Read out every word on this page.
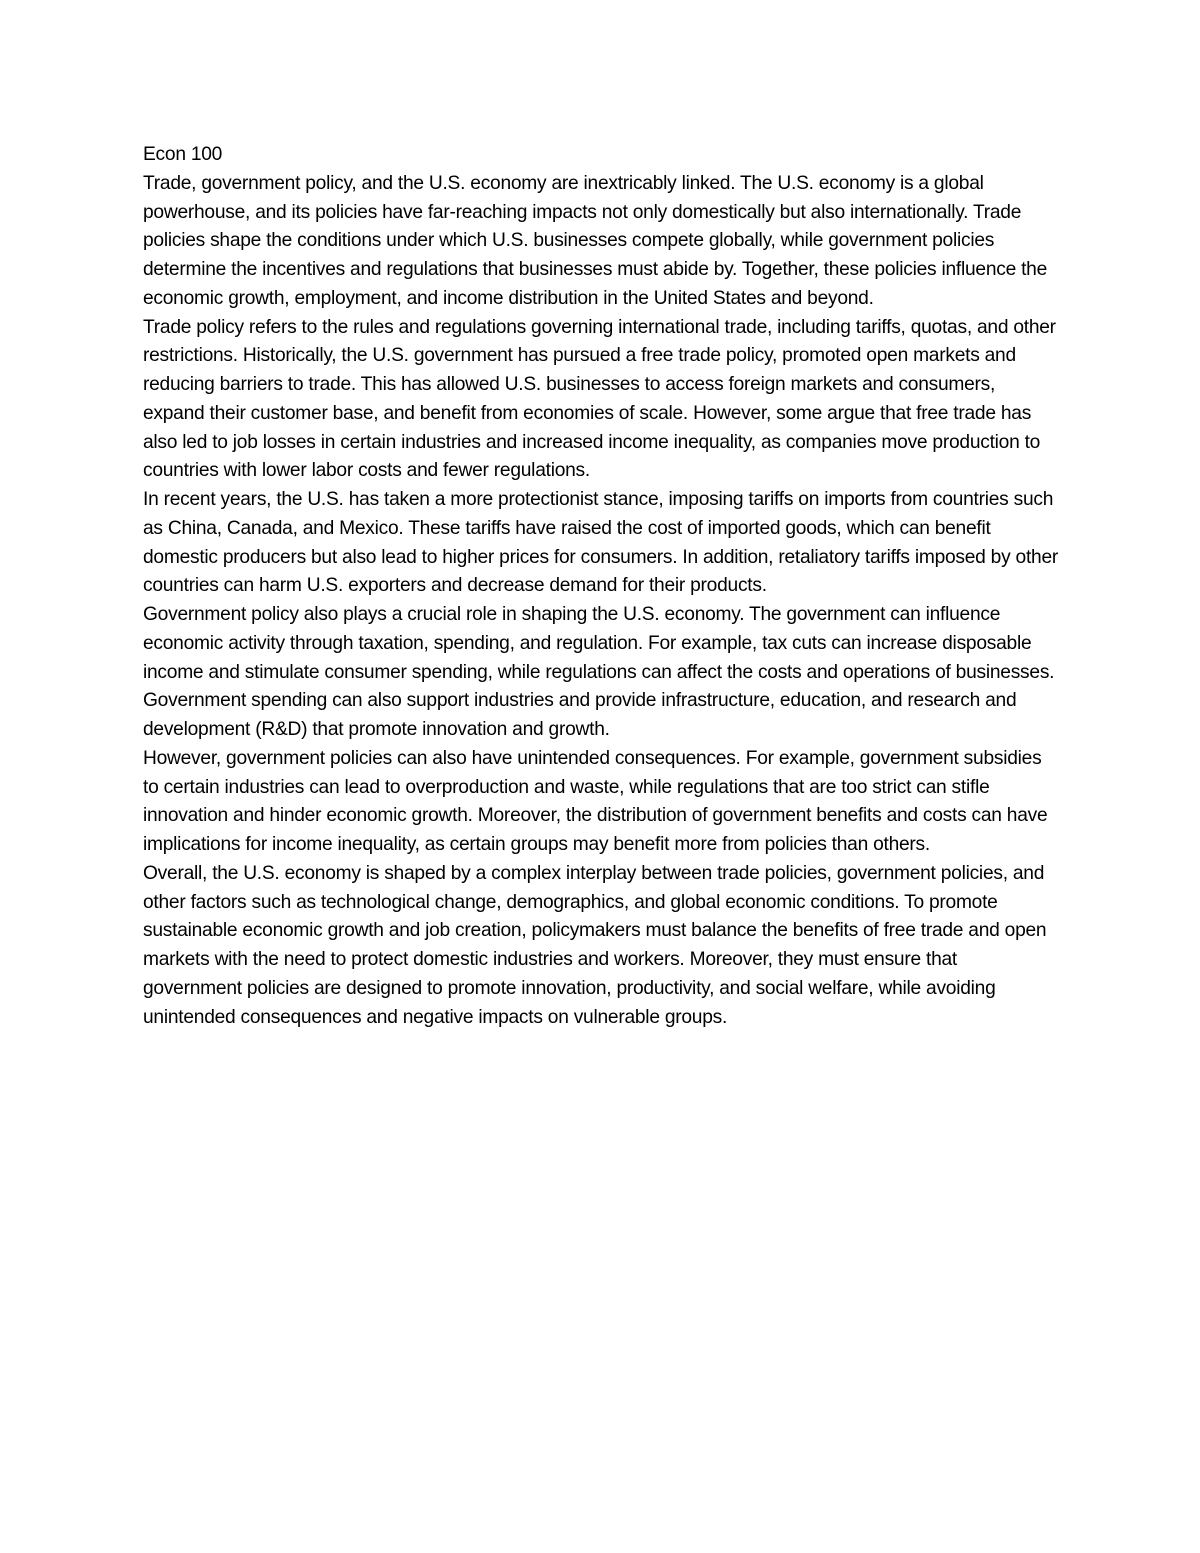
Econ 100

Trade, government policy, and the U.S. economy are inextricably linked. The U.S. economy is a global powerhouse, and its policies have far-reaching impacts not only domestically but also internationally. Trade policies shape the conditions under which U.S. businesses compete globally, while government policies determine the incentives and regulations that businesses must abide by. Together, these policies influence the economic growth, employment, and income distribution in the United States and beyond.

Trade policy refers to the rules and regulations governing international trade, including tariffs, quotas, and other restrictions. Historically, the U.S. government has pursued a free trade policy, promoted open markets and reducing barriers to trade. This has allowed U.S. businesses to access foreign markets and consumers, expand their customer base, and benefit from economies of scale. However, some argue that free trade has also led to job losses in certain industries and increased income inequality, as companies move production to countries with lower labor costs and fewer regulations.

In recent years, the U.S. has taken a more protectionist stance, imposing tariffs on imports from countries such as China, Canada, and Mexico. These tariffs have raised the cost of imported goods, which can benefit domestic producers but also lead to higher prices for consumers. In addition, retaliatory tariffs imposed by other countries can harm U.S. exporters and decrease demand for their products.

Government policy also plays a crucial role in shaping the U.S. economy. The government can influence economic activity through taxation, spending, and regulation. For example, tax cuts can increase disposable income and stimulate consumer spending, while regulations can affect the costs and operations of businesses. Government spending can also support industries and provide infrastructure, education, and research and development (R&D) that promote innovation and growth.

However, government policies can also have unintended consequences. For example, government subsidies to certain industries can lead to overproduction and waste, while regulations that are too strict can stifle innovation and hinder economic growth. Moreover, the distribution of government benefits and costs can have implications for income inequality, as certain groups may benefit more from policies than others.

Overall, the U.S. economy is shaped by a complex interplay between trade policies, government policies, and other factors such as technological change, demographics, and global economic conditions. To promote sustainable economic growth and job creation, policymakers must balance the benefits of free trade and open markets with the need to protect domestic industries and workers. Moreover, they must ensure that government policies are designed to promote innovation, productivity, and social welfare, while avoiding unintended consequences and negative impacts on vulnerable groups.
